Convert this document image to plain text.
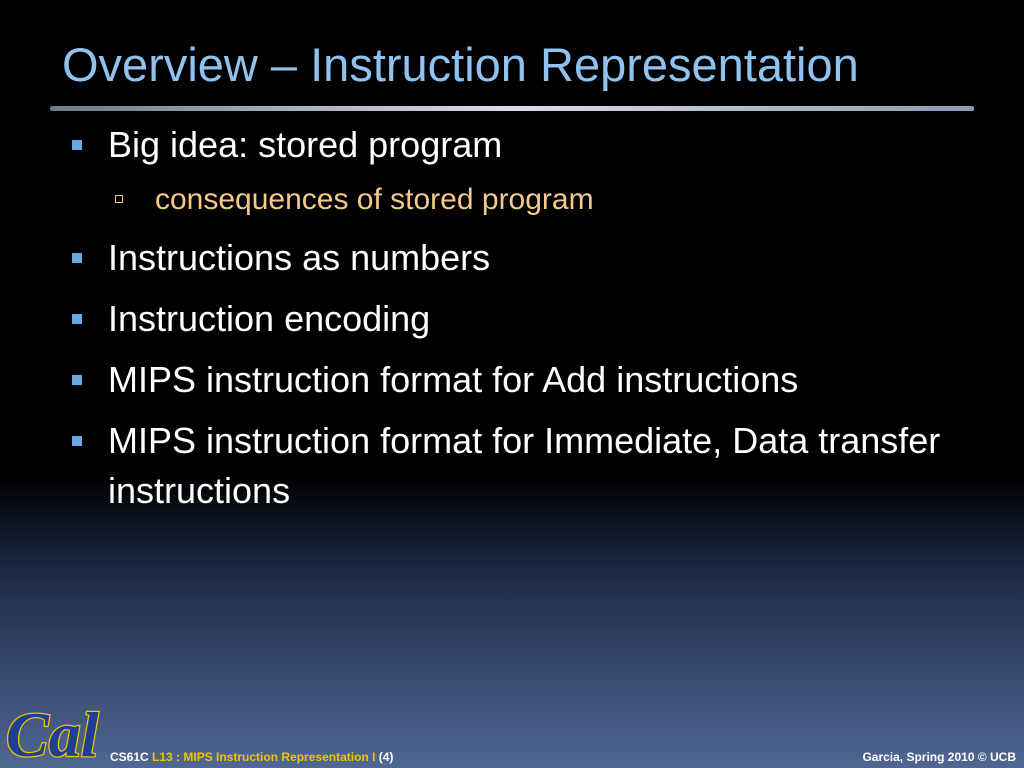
Overview – Instruction Representation
Big idea: stored program
consequences of stored program
Instructions as numbers
Instruction encoding
MIPS instruction format for Add instructions
MIPS instruction format for Immediate, Data transfer instructions
Cal CS61C L13 : MIPS Instruction Representation I (4)	Garcia, Spring 2010 © UCB
